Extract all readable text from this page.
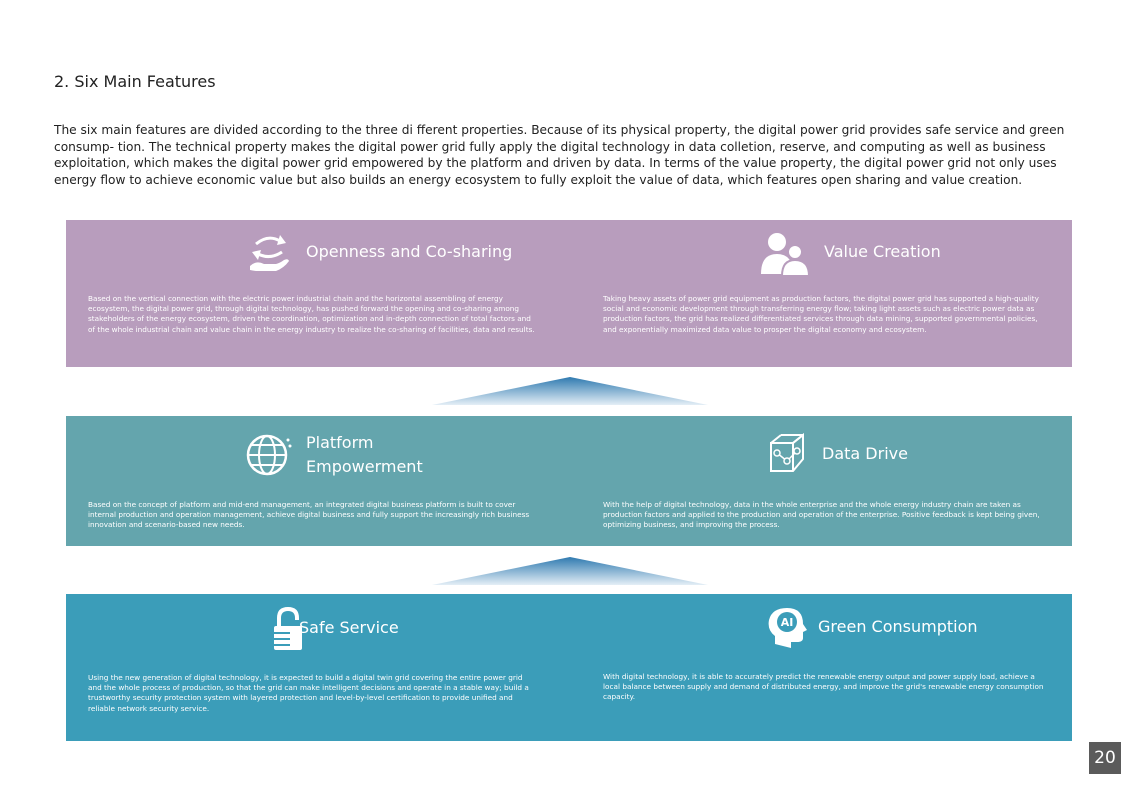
2. Six Main Features

The six main features are divided according to the three di fferent properties. Because of its physical property, the digital power grid provides safe service and green consump- tion. The technical property makes the digital power grid fully apply the digital technology in data colletion, reserve, and computing as well as business exploitation, which makes the digital power grid empowered by the platform and driven by data. In terms of the value property, the digital power grid not only uses energy flow to achieve economic value but also builds an energy ecosystem to fully exploit the value of data, which features open sharing and value creation.

Openness and Co-sharing

Based on the vertical connection with the electric power industrial chain and the horizontal assembling of energy ecosystem, the digital power grid, through digital technology, has pushed forward the opening and co-sharing among stakeholders of the energy ecosystem, driven the coordination, optimization and in-depth connection of total factors and of the whole industrial chain and value chain in the energy industry to realize the co-sharing of facilities, data and results.

Value Creation

Taking heavy assets of power grid equipment as production factors, the digital power grid has supported a high-quality social and economic development through transferring energy flow; taking light assets such as electric power data as production factors, the grid has realized differentiated services through data mining, supported governmental policies, and exponentially maximized data value to prosper the digital economy and ecosystem.

Platform
Empowerment

Based on the concept of platform and mid-end management, an integrated digital business platform is built to cover internal production and operation management, achieve digital business and fully support the increasingly rich business innovation and scenario-based new needs.

Data Drive

With the help of digital technology, data in the whole enterprise and the whole energy industry chain are taken as production factors and applied to the production and operation of the enterprise. Positive feedback is kept being given, optimizing business, and improving the process.

Safe Service

Using the new generation of digital technology, it is expected to build a digital twin grid covering the entire power grid and the whole process of production, so that the grid can make intelligent decisions and operate in a stable way; build a trustworthy security protection system with layered protection and level-by-level certification to provide unified and reliable network security service.

AI Green Consumption

With digital technology, it is able to accurately predict the renewable energy output and power supply load, achieve a local balance between supply and demand of distributed energy, and improve the grid's renewable energy consumption capacity.

20
